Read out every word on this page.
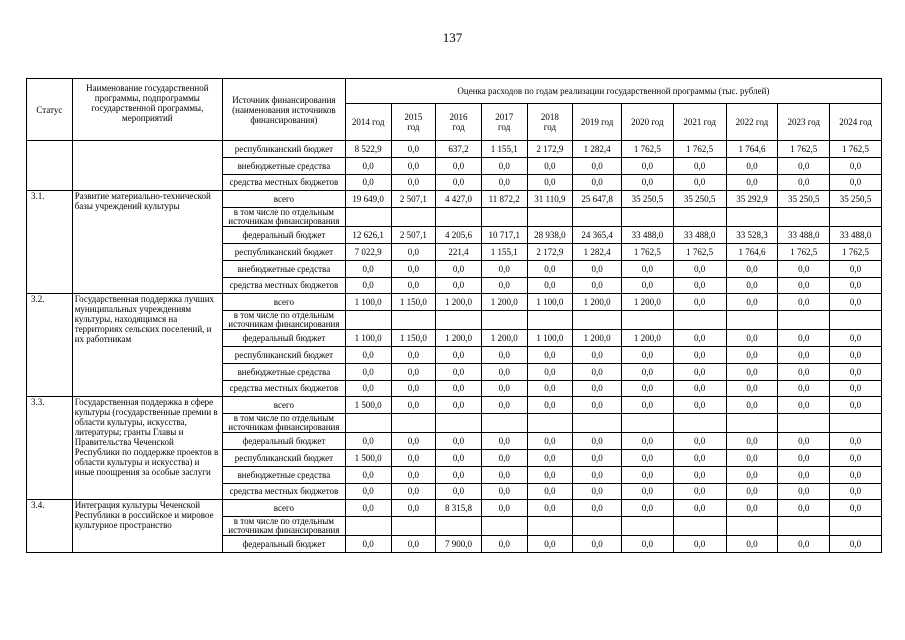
137
Статус	Наименование государственной программы, подпрограммы государственной программы, мероприятий	Источник финансирования (наименования источников финансирования)	Оценка расходов по годам реализации государственной программы (тыс. рублей)										
			2014 год	2015 год	2016 год	2017 год	2018 год	2019 год	2020 год	2021 год	2022 год	2023 год	2024 год
		республиканский бюджет	8 522,9	0,0	637,2	1 155,1	2 172,9	1 282,4	1 762,5	1 762,5	1 764,6	1 762,5	1 762,5
		внебюджетные средства	0,0	0,0	0,0	0,0	0,0	0,0	0,0	0,0	0,0	0,0	0,0
		средства местных бюджетов	0,0	0,0	0,0	0,0	0,0	0,0	0,0	0,0	0,0	0,0	0,0
3.1.	Развитие материально-технической базы учреждений культуры	всего	19 649,0	2 507,1	4 427,0	11 872,2	31 110,9	25 647,8	35 250,5	35 250,5	35 292,9	35 250,5	35 250,5
		в том числе по отдельным источникам финансирования											
		федеральный бюджет	12 626,1	2 507,1	4 205,6	10 717,1	28 938,0	24 365,4	33 488,0	33 488,0	33 528,3	33 488,0	33 488,0
		республиканский бюджет	7 022,9	0,0	221,4	1 155,1	2 172,9	1 282,4	1 762,5	1 762,5	1 764,6	1 762,5	1 762,5
		внебюджетные средства	0,0	0,0	0,0	0,0	0,0	0,0	0,0	0,0	0,0	0,0	0,0
		средства местных бюджетов	0,0	0,0	0,0	0,0	0,0	0,0	0,0	0,0	0,0	0,0	0,0
3.2.	Государственная поддержка лучших муниципальных учреждениям культуры, находящимся на территориях сельских поселений, и их работникам	всего	1 100,0	1 150,0	1 200,0	1 200,0	1 100,0	1 200,0	1 200,0	0,0	0,0	0,0	0,0
		в том числе по отдельным источникам финансирования											
		федеральный бюджет	1 100,0	1 150,0	1 200,0	1 200,0	1 100,0	1 200,0	1 200,0	0,0	0,0	0,0	0,0
		республиканский бюджет	0,0	0,0	0,0	0,0	0,0	0,0	0,0	0,0	0,0	0,0	0,0
		внебюджетные средства	0,0	0,0	0,0	0,0	0,0	0,0	0,0	0,0	0,0	0,0	0,0
		средства местных бюджетов	0,0	0,0	0,0	0,0	0,0	0,0	0,0	0,0	0,0	0,0	0,0
3.3.	Государственная поддержка в сфере культуры (государственные премии в области культуры, искусства, литературы; гранты Главы и Правительства Чеченской Республики по поддержке проектов в области культуры и искусства) и иные поощрения за особые заслуги	всего	1 500,0	0,0	0,0	0,0	0,0	0,0	0,0	0,0	0,0	0,0	0,0
		в том числе по отдельным источникам финансирования											
		федеральный бюджет	0,0	0,0	0,0	0,0	0,0	0,0	0,0	0,0	0,0	0,0	0,0
		республиканский бюджет	1 500,0	0,0	0,0	0,0	0,0	0,0	0,0	0,0	0,0	0,0	0,0
		внебюджетные средства	0,0	0,0	0,0	0,0	0,0	0,0	0,0	0,0	0,0	0,0	0,0
		средства местных бюджетов	0,0	0,0	0,0	0,0	0,0	0,0	0,0	0,0	0,0	0,0	0,0
3.4.	Интеграция культуры Чеченской Республики в российское и мировое культурное пространство	всего	0,0	0,0	8 315,8	0,0	0,0	0,0	0,0	0,0	0,0	0,0	0,0
		в том числе по отдельным источникам финансирования											
		федеральный бюджет	0,0	0,0	7 900,0	0,0	0,0	0,0	0,0	0,0	0,0	0,0	0,0
